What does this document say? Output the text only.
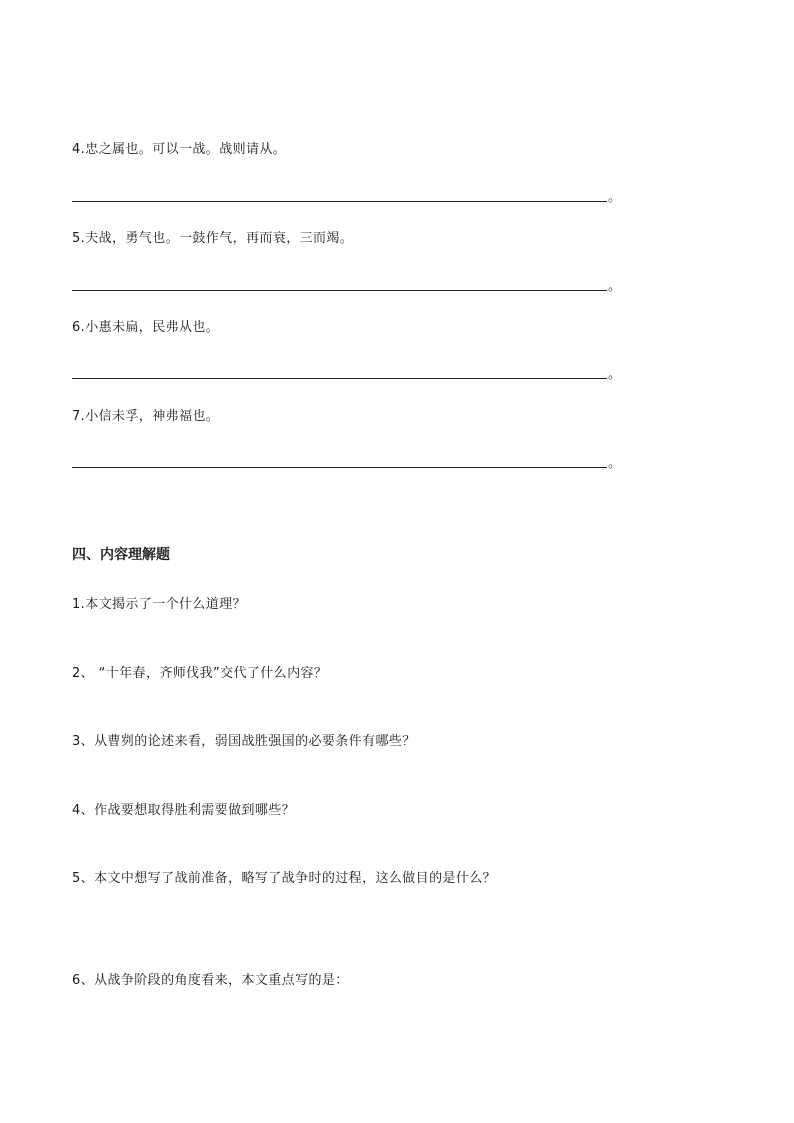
4.忠之属也。可以一战。战则请从。
。
5.夫战，勇气也。一鼓作气，再而衰，三而竭。
。
6.小惠未扁，民弗从也。
。
7.小信未孚，神弗福也。
。
四、内容理解题
1.本文揭示了一个什么道理？
2、 “十年春，齐师伐我”交代了什么内容？
3、从曹刿的论述来看，弱国战胜强国的必要条件有哪些？
4、作战要想取得胜利需要做到哪些？
5、本文中想写了战前准备，略写了战争时的过程，这么做目的是什么？
6、从战争阶段的角度看来，本文重点写的是：
